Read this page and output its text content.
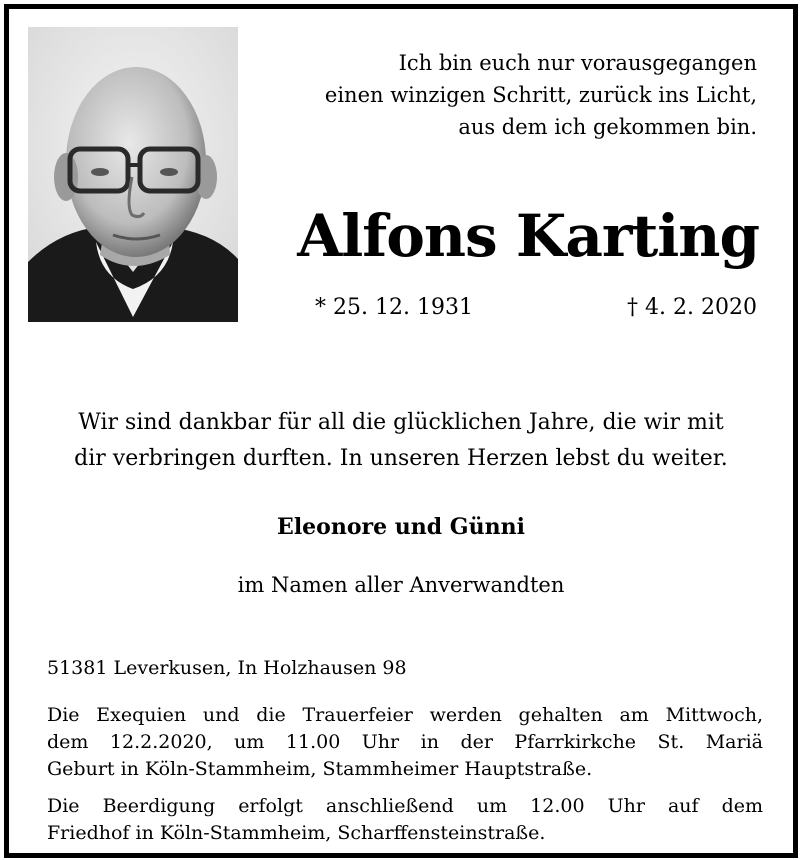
Ich bin euch nur vorausgegangen
einen winzigen Schritt, zurück ins Licht,
aus dem ich gekommen bin.
Alfons Karting
* 25. 12. 1931	† 4. 2. 2020
Wir sind dankbar für all die glücklichen Jahre, die wir mit
dir verbringen durften. In unseren Herzen lebst du weiter.
Eleonore und Günni
im Namen aller Anverwandten
51381 Leverkusen, In Holzhausen 98
Die Exequien und die Trauerfeier werden gehalten am Mittwoch,
dem 12.2.2020, um 11.00 Uhr in der Pfarrkirkche St. Mariä
Geburt in Köln-Stammheim, Stammheimer Hauptstraße.
Die Beerdigung erfolgt anschließend um 12.00 Uhr auf dem
Friedhof in Köln-Stammheim, Scharffensteinstraße.
